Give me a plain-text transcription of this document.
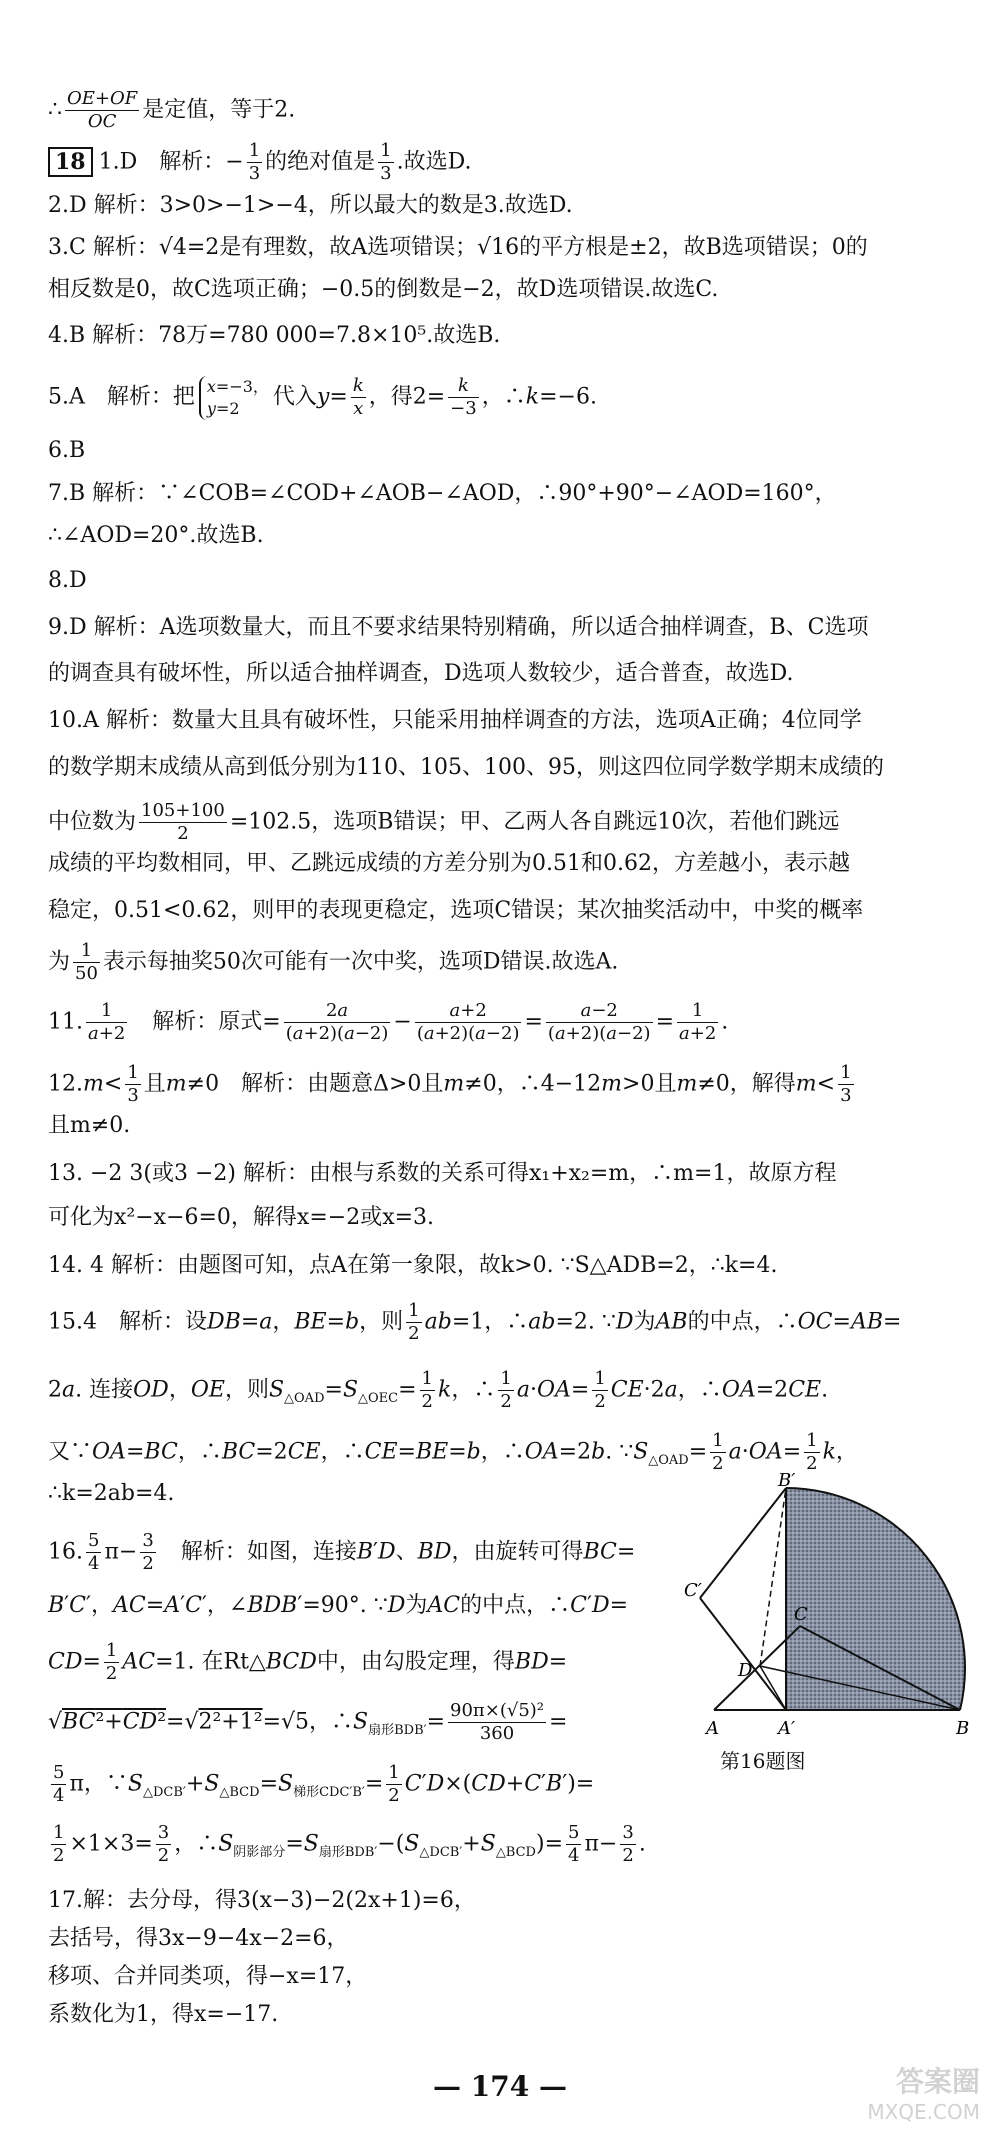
∴ $\frac{OE+OF}{OC}$ 是定值，等于2.
18 1.D　解析：− $\frac{1}{3}$ 的绝对值是 $\frac{1}{3}$ .故选D.
2.D 解析：3>0>−1>−4，所以最大的数是3.故选D.
3.C 解析：√4=2是有理数，故A选项错误；√16的平方根是±2，故B选项错误；0的
相反数是0，故C选项正确；−0.5的倒数是−2，故D选项错误.故选C.
4.B 解析：78万=780 000=7.8×10⁵.故选B.
5.A　解析：把 x=−3，
y=2	代入$y= \frac{k}{x}$ ，得$2= \frac{k}{-3}$ ，∴k=−6.
6.B
7.B 解析：∵∠COB=∠COD+∠AOB−∠AOD，∴90°+90°−∠AOD=160°，
∴∠AOD=20°.故选B.
8.D
9.D 解析：A选项数量大，而且不要求结果特别精确，所以适合抽样调查，B、C选项
的调查具有破坏性，所以适合抽样调查，D选项人数较少，适合普查，故选D.
10.A 解析：数量大且具有破坏性，只能采用抽样调查的方法，选项A正确；4位同学
的数学期末成绩从高到低分别为110、105、100、95，则这四位同学数学期末成绩的
中位数为 $\frac{105+100}{2} =102.5$，选项B错误；甲、乙两人各自跳远10次，若他们跳远
成绩的平均数相同，甲、乙跳远成绩的方差分别为0.51和0.62，方差越小，表示越
稳定，0.51<0.62，则甲的表现更稳定，选项C错误；某次抽奖活动中，中奖的概率
为 $\frac{1}{50}$ 表示每抽奖50次可能有一次中奖，选项D错误.故选A.
11. $\frac{1}{a+2}$ 　解析：原式= $\frac{2a}{(a+2)(a-2)} - \frac{a+2}{(a+2)(a-2)} = \frac{a-2}{(a+2)(a-2)} = \frac{1}{a+2}$ .
$12.m< \frac{1}{3}$ 且m≠0　解析：由题意Δ>0且m≠0，∴4−12m>0且m≠0，解得$m< \frac{1}{3}$
且m≠0.
13. −2 3(或3 −2) 解析：由根与系数的关系可得x₁+x₂=m，∴m=1，故原方程
可化为x²−x−6=0，解得x=−2或x=3.
14. 4 解析：由题图可知，点A在第一象限，故k>0. ∵S△ADB=2，∴k=4.
15.4　解析：设DB=a，BE=b，则 $\frac{1}{2} ab=1$，∴ab=2. ∵D为AB的中点，∴OC=AB=
2a. 连接OD，OE，则$S_{\triangle OAD}=S_{\triangle OEC}= \frac{1}{2}$ k，∴ $\frac{1}{2} a\cdot OA= \frac{1}{2} CE\cdot 2a$，∴OA=2CE.
又∵OA=BC，∴BC=2CE，∴CE=BE=b，∴OA=2b. $\because S_{\triangle OAD}= \frac{1}{2} a\cdot OA= \frac{1}{2}$ k，
∴k=2ab=4.
16. $\frac{5}{4} \pi- \frac{3}{2}$ 　解析：如图，连接B′D、BD，由旋转可得BC=
B′C′，AC=A′C′，∠BDB′=90°. ∵D为AC的中点，∴C′D=
$CD= \frac{1}{2} AC=1$. 在Rt△BCD中，由勾股定理，得BD=
√BC²+CD²=√2²+1²=√5，$\therefore S_{扇形BDB'}= \frac{\text{90π×(√5)²}}{360}$ =
$\frac{5}{4}$ π，$\because S_{\triangle DCB'}+S_{\triangle BCD}=S_{梯形CDC'B'}= \frac{1}{2} C'D\times(CD+C'B')=$
$\frac{1}{2} \times 1\times 3= \frac{3}{2}$ ，$\therefore S_{阴影部分}=S_{扇形BDB'}-(S_{\triangle DCB'}+S_{\triangle BCD})= \frac{5}{4} \pi- \frac{3}{2}$ .
17.解：去分母，得3(x−3)−2(2x+1)=6，
去括号，得3x−9−4x−2=6，
移项、合并同类项，得−x=17，
系数化为1，得x=−17.
B′
C′
C
D
A	A′	B
第16题图
— 174 —	答案圈
MXQE.COM
